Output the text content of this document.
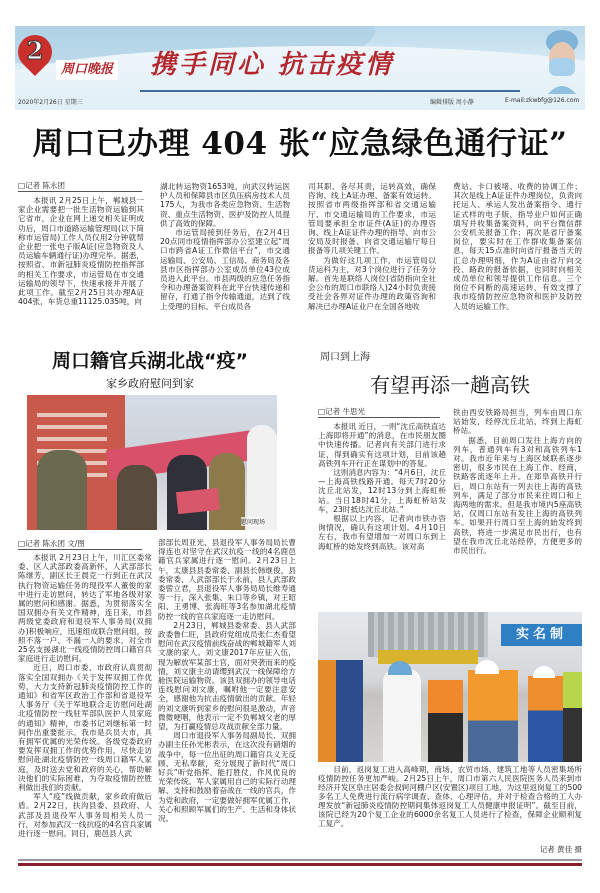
2
周口晚报 携手同心 抗击疫情
2020年2月26日 星期三	编辑排版 周小静	E-mail:zkwbfg@126.com
周口已办理 404 张“应急绿色通行证”
□记者 陈永团

本报讯 2月25日上午，郸城县一家企业需要把一批生活物资运输到其它省市，企业在网上递交相关证明成功后，周口市道路运输管理局(以下简称市运管局)工作人员仅用2分钟就帮企业把一张电子版A证(应急物资及人员运输车辆通行证)办理完毕。据悉，按照省、市新冠肺炎疫情防控指挥部的相关工作要求，市运管局在市交通运输局的领导下，快速承接并开展了此项工作。截至2月25日共办理A证404张，车货总重11125.035吨，向

湖北转运物资1653吨，向武汉转运医护人员和保障县市区负压病房技术人员175人，为我市各类应急物资、生活物资、重点生活物资、医护及防控人员提供了高效的保障。

市运管局接到任务后，在2月4日20点同市疫情指挥部办公室建立起“周口市跨省A证工作微信平台”，市交通运输局、公安局、工信局、商务局及各县市区指挥部办公室成员单位43位成员进入此平台。市县两级的应急任务指令和办理备案资料在此平台快速传递和留存，打通了指令传输通道，达到了线上受理的目标。平台成员各

司其职、各尽其责，运转高效，确保咨询、线上A证办理、备案有效运转。按照省市两级指挥部和省交通运输厅、市交通运输局的工作要求，市运管局要承担全市证件(A证)的办理咨询、线上A证证件办理的指导、向市公安局及时报备、向省交通运输厅每日报备等几项关键工作。

为做好这几项工作，市运管局以货运科为主，对3个岗位进行了任务分解。首先是联络人岗位(省防指向全社会公布的周口市联络人)24小时负责接受社会各界对证件办理的政策咨询和解决已办理A证业户在全国各地收

费站、卡口被堵、收费的协调工作；其次是线上A证证件办理岗位，负责向托运人、承运人发出备案指令、通行证式样的电子版，指导业户如何正确填写并收集备案资料，向平台微信群公安机关报备工作；再次是省厅备案岗位，要实时在工作群收集备案信息，每天15点准时向省厅报备当天的汇总办理明细，作为A证由省厅向交投、路政的报备依据，也同时向相关成员单位和领导提供工作信息。三个岗位不间断的高速运转，有效支撑了我市疫情防控应急物资和医护及防控人员的运输工作。

周口籍官兵湖北战“疫”
家乡政府慰问到家
慰问现场
□记者 陈永团 文/图

本报讯 2月23日上午，川汇区委常委、区人武部政委高新怀，人武部部长陈继芳，副区长王晨克一行到正在武汉执行物资运输任务的现役军人董俊的家中进行走访慰问，转达了军地各级对家属的慰问和感谢。据悉，为贯彻落实全国双拥办有关文件精神，连日来，市县两级党委政府和退役军人事务局(双拥办)积极响应，迅速组成联合慰问组，按照不落一户、不漏一人的要求，对全市25名支援湖北一线疫情防控周口籍官兵家庭进行走访慰问。

近日，周口市委、市政府认真贯彻落实全国双拥办《关于发挥双拥工作优势，大力支持新冠肺炎疫情防控工作的通知》和省军区政治工作部和省退役军人事务厅《关于军地联合走访慰问赴湖北疫情防控一线驻军部队医护人员家庭的通知》精神，市委书记刘继标第一时间作出重要批示。我市是兵员大市，具有拥军优属的光荣传统。各级党委政府要发挥双拥工作的优势作用，尽快走访慰问赴湖北疫情防控一线周口籍军人家庭，及时送去党和政府的关心，帮助解决他们的实际困难，为夺取疫情防控胜利做出我们的贡献。

军人“疫”线做贡献，家乡政府做后盾。2月22日，扶沟县委、县政府、人武部及县退役军人事务局相关人员一行，对参加武汉一线抗疫的4名官兵家属进行逐一慰问。同日，鹿邑县人武

部部长周亚光，县退役军人事务局局长曹得连也对坚守在武汉抗疫一线的4名鹿邑籍官兵家属进行逐一慰问。2月23日上午，太康县县委常委、副县长韩继俊，县委常委、人武部部长于永前，县人武部政委訾立君，县退役军人事务局局长维寿通等一行，深入张集、朱口等乡镇，对王昭阳、王勇博、张海旺等3名参加湖北疫情防控一线的官兵家庭逐一走访慰问。

2月23日，郸城县委常委、县人武部政委鲁仁旺，县政府党组成员张仁杰看望慰问在武汉疫情前线奋战的郸城籍军人刘文康的家人。刘文康2017年应征入伍，现为解放军某部士官，面对突袭而来的疫情，刘文康主动请缨到武汉一线保障给方舱医院运输物资。该县双拥办的领导电话连线慰问刘文康，嘱咐他一定要注意安全，感谢他为抗击疫情做出的贡献。年轻的刘文康听到家乡的慰问很是激动，声音微微哽咽，他表示一定不负郸城父老的厚望，为打赢疫情总攻战贡献全部力量。

周口市退役军人事务局副局长、双拥办副主任孙光彬表示，在这次没有硝烟的战争中，每一位出征的周口籍官兵义无反顾、无私奉献，充分展现了新时代“周口好兵”听党指挥、能打胜仗、作风优良的光荣传统。军人家属用自己的实际行动理解、支持和鼓励着奋战在一线的官兵，作为党和政府，一定要做好拥军优属工作，关心和照顾军属们的生产、生活和身体状况。

周口到上海
有望再添一趟高铁
□记者 牛思光

本报讯 近日，一则“沈丘高铁直达上海即将开通”的消息，在市民朋友圈中快速传播。记者向有关部门进行求证，得到确实有这项计划，目前该趟高铁列车开行正在谋划中的答复。

这则消息内容为：“4月6日，沈丘—上海高铁线路开通。每天7时20分沈丘北站发，12时13分到上海虹桥站。当日18时41分，上海虹桥站发车，23时抵达沈丘北站。”

根据以上内容，记者向市铁办咨询情况，确认有这项计划。4月10日左右，我市有望增加一对周口东到上海虹桥的始发终到高铁。该对高

铁由西安铁路局担当，列车由周口东站始发，经停沈丘北站，终到上海虹桥站。

据悉，目前周口发往上海方向的列车，普通列车有3对和高铁列车1对。我市近年来与上海区域联系逐步密切，很多市民在上海工作、经商，铁路客流逐年上升。在郑阜高铁开行后，周口东站有一列去往上海的高铁列车，满足了部分市民来往周口和上海两地的需求。但是我市境内5座高铁站，仅周口东站有发往上海的高铁列车。如果开行周口至上海的始发终到高铁，将进一步满足市民出行，也有望在我市沈丘北站经停，方便更多的市民出行。

实名制
目前，返岗复工进入高峰期，商场、农贸市场、建筑工地等人员密集场所疫情防控任务更加严峻。2月25日上午，周口市第六人民医院医务人员来到市经济开发区阜庄居委会叔轲河棚户区(安置区)项目工地，为这里返岗复工的500多名工人免费进行流行病学调查、查体、心理评估，并对于检查合格的工人办理发放“新冠肺炎疫情防控期间集体返岗复工人员健康申报证明”。截至目前，该院已经为20个复工企业的6000余名复工人员进行了检查，保障企业顺利复工复产。
记者 黄佳 摄
